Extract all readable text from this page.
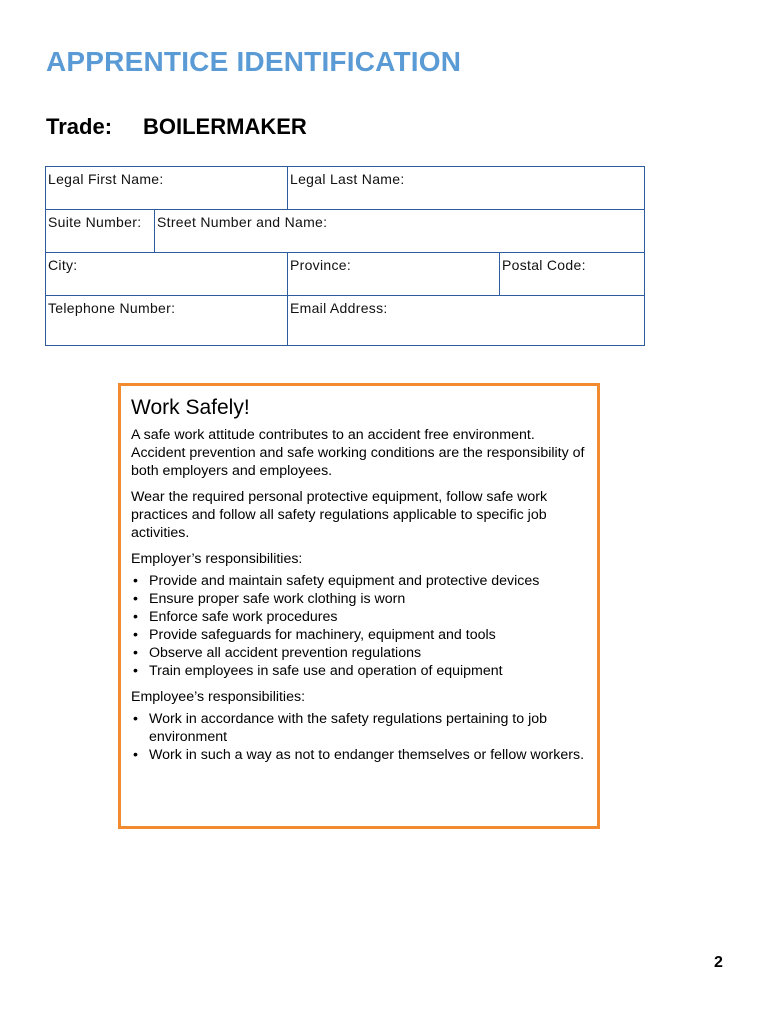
APPRENTICE IDENTIFICATION
Trade: BOILERMAKER
Legal First Name:	Legal Last Name:
Suite Number:	Street Number and Name:
City:	Province:	Postal Code:
Telephone Number:	Email Address:
Work Safely!

A safe work attitude contributes to an accident free environment. Accident prevention and safe working conditions are the responsibility of both employers and employees.

Wear the required personal protective equipment, follow safe work practices and follow all safety regulations applicable to specific job activities.

Employer’s responsibilities:
• Provide and maintain safety equipment and protective devices
• Ensure proper safe work clothing is worn
• Enforce safe work procedures
• Provide safeguards for machinery, equipment and tools
• Observe all accident prevention regulations
• Train employees in safe use and operation of equipment
Employee’s responsibilities:
• Work in accordance with the safety regulations pertaining to job environment
• Work in such a way as not to endanger themselves or fellow workers.
2
